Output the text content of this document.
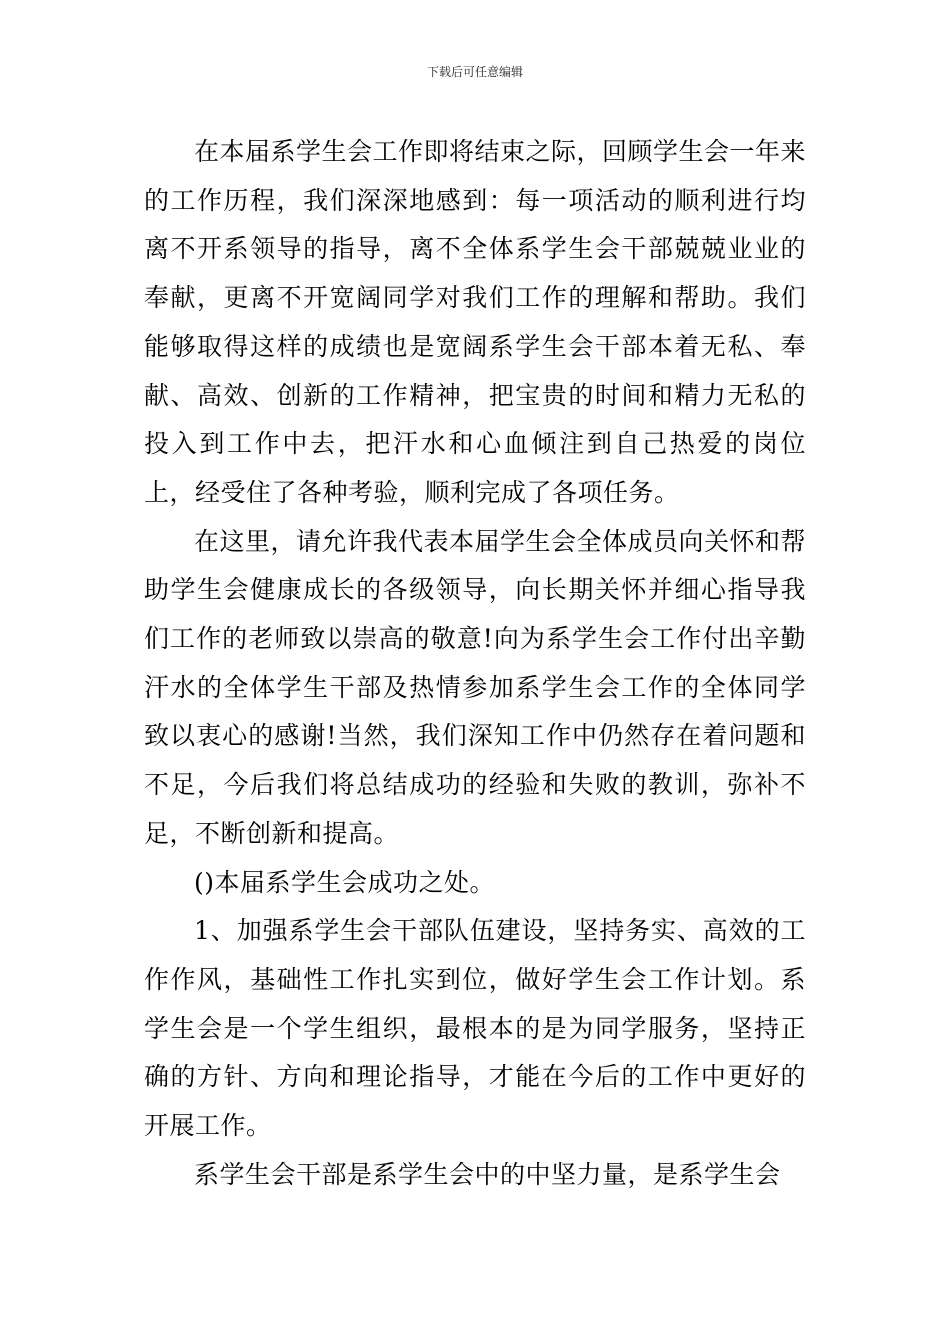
下载后可任意编辑

在本届系学生会工作即将结束之际，回顾学生会一年来的工作历程，我们深深地感到：每一项活动的顺利进行均离不开系领导的指导，离不全体系学生会干部兢兢业业的奉献，更离不开宽阔同学对我们工作的理解和帮助。我们能够取得这样的成绩也是宽阔系学生会干部本着无私、奉献、高效、创新的工作精神，把宝贵的时间和精力无私的投入到工作中去，把汗水和心血倾注到自己热爱的岗位上，经受住了各种考验，顺利完成了各项任务。

在这里，请允许我代表本届学生会全体成员向关怀和帮助学生会健康成长的各级领导，向长期关怀并细心指导我们工作的老师致以崇高的敬意!向为系学生会工作付出辛勤汗水的全体学生干部及热情参加系学生会工作的全体同学致以衷心的感谢!当然，我们深知工作中仍然存在着问题和不足，今后我们将总结成功的经验和失败的教训，弥补不足，不断创新和提高。

()本届系学生会成功之处。

1、加强系学生会干部队伍建设，坚持务实、高效的工作作风，基础性工作扎实到位，做好学生会工作计划。系学生会是一个学生组织，最根本的是为同学服务，坚持正确的方针、方向和理论指导，才能在今后的工作中更好的开展工作。

系学生会干部是系学生会中的中坚力量，是系学生会
